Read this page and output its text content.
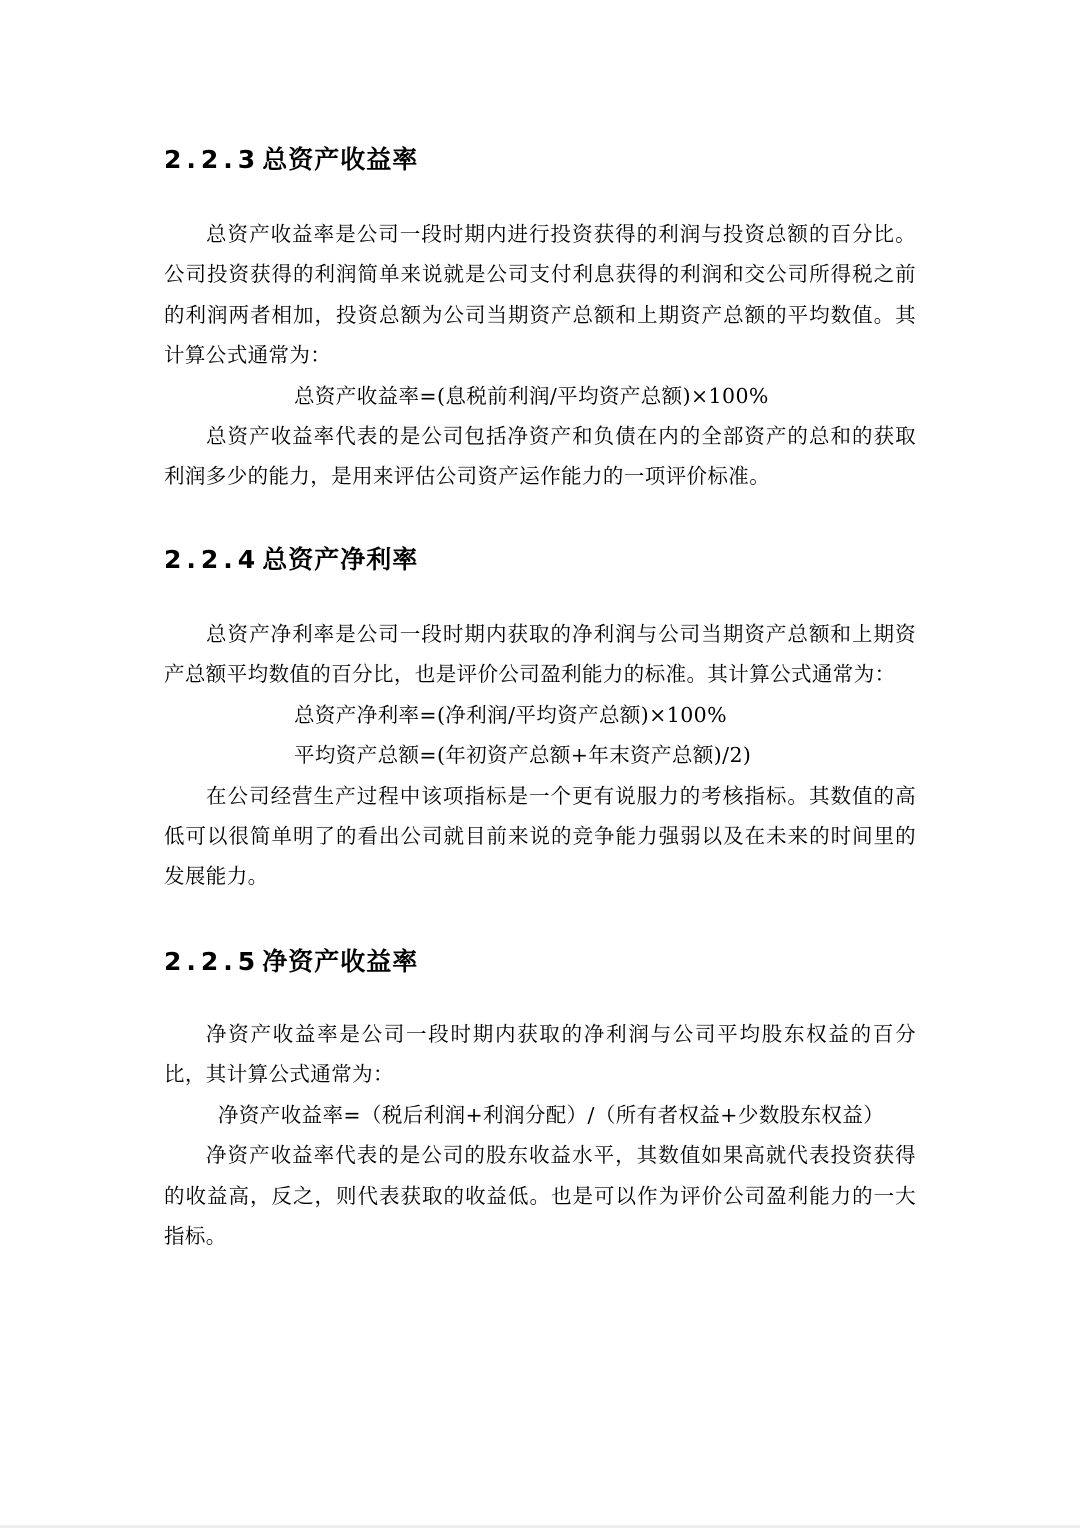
2.2.3总资产收益率

总资产收益率是公司一段时期内进行投资获得的利润与投资总额的百分比。公司投资获得的利润简单来说就是公司支付利息获得的利润和交公司所得税之前的利润两者相加，投资总额为公司当期资产总额和上期资产总额的平均数值。其计算公式通常为：

总资产收益率=(息税前利润/平均资产总额)×100%

总资产收益率代表的是公司包括净资产和负债在内的全部资产的总和的获取利润多少的能力，是用来评估公司资产运作能力的一项评价标准。

2.2.4总资产净利率

总资产净利率是公司一段时期内获取的净利润与公司当期资产总额和上期资产总额平均数值的百分比，也是评价公司盈利能力的标准。其计算公式通常为：

总资产净利率=(净利润/平均资产总额)×100%

平均资产总额=(年初资产总额+年末资产总额)/2)

在公司经营生产过程中该项指标是一个更有说服力的考核指标。其数值的高低可以很简单明了的看出公司就目前来说的竞争能力强弱以及在未来的时间里的发展能力。

2.2.5净资产收益率

净资产收益率是公司一段时期内获取的净利润与公司平均股东权益的百分比，其计算公式通常为：

净资产收益率=（税后利润+利润分配）/（所有者权益+少数股东权益）

净资产收益率代表的是公司的股东收益水平，其数值如果高就代表投资获得的收益高，反之，则代表获取的收益低。也是可以作为评价公司盈利能力的一大指标。
